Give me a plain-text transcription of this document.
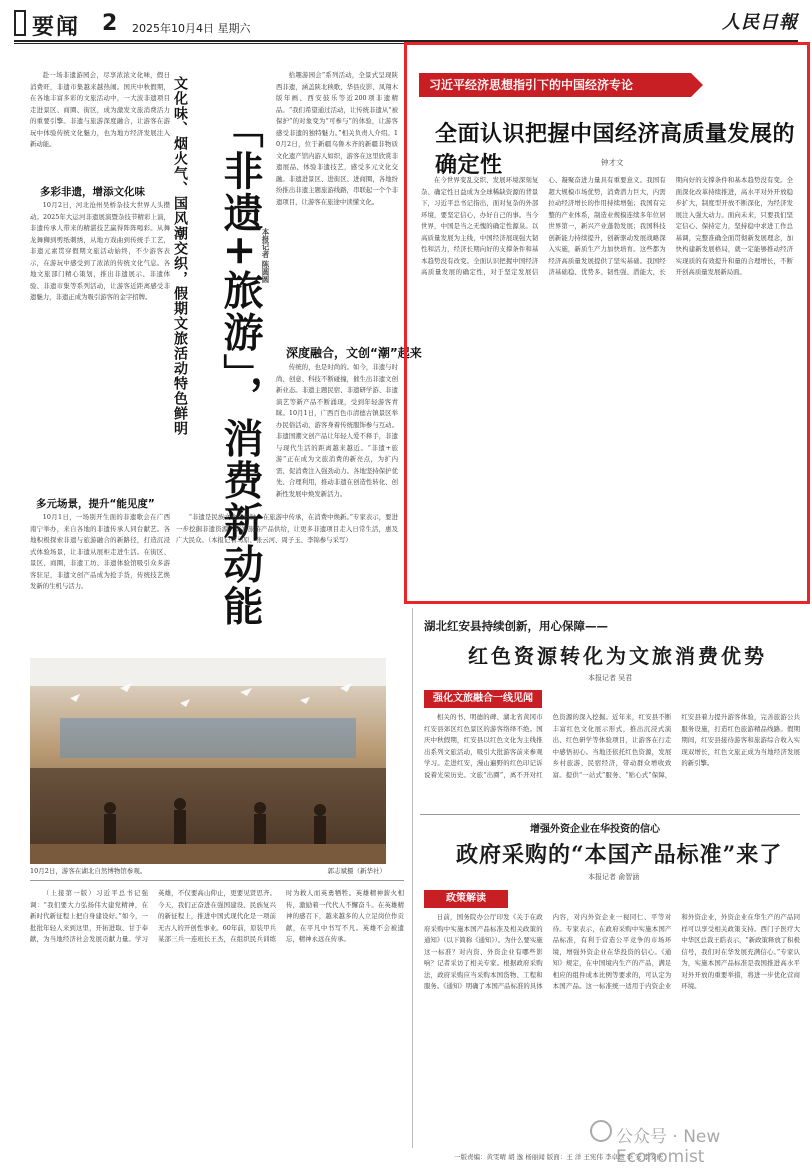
要闻 2 2025年10月4日 星期六	人民日報

赴一场非遗游园会，尽享浓浓文化味，假日消费旺，非遗市集越来越热闹。国庆中秋假期，在各地丰富多彩的文旅活动中，一大波非遗项目走进景区、商圈、街区，成为激发文旅消费活力的重要引擎。非遗与旅游深度融合，让游客在游玩中体验传统文化魅力，也为地方经济发展注入新动能。

多彩非遗，增添文化味

10月2日，河北沧州吴桥杂技大世界人头攒动。2025年大运河非遗展演暨杂技节精彩上演，非遗传承人带来的精湛技艺赢得阵阵喝彩。从舞龙舞狮到剪纸刺绣，从地方戏曲到传统手工艺，非遗元素贯穿假期文旅活动始终，不少游客表示，在游玩中感受到了浓浓的传统文化气息。各地文旅部门精心策划，推出非遗展示、非遗体验、非遗市集等系列活动，让游客近距离感受非遗魅力，非遗正成为吸引游客的金字招牌。

多元场景，提升“能见度”

10月1日，一场别开生面的非遗歌会在广西南宁举办，来自各地的非遗传承人同台献艺。各地积极探索非遗与旅游融合的新路径，打造沉浸式体验场景，让非遗从展柜走进生活。在街区、景区、商圈，非遗工坊、非遗体验馆吸引众多游客驻足，非遗文创产品成为抢手货，传统技艺焕发新的生机与活力。

文化味、烟火气、国风潮交织，假期文旅活动特色鲜明 「非遗+旅游」，消费新动能
本报记者 陈圆圆

拾趣游园会”系列活动，全景式呈现陕西非遗，涵盖陕北秧歌、华县皮影、凤翔木版年画、西安鼓乐等近200项非遗精品。“我们希望通过活动，让传统非遗从“被保护”的对象变为“可参与”的体验，让游客感受非遗的独特魅力。”相关负责人介绍。10月2日，位于新疆乌鲁木齐的新疆非物质文化遗产馆内游人如织，游客在这里欣赏非遗展品、体验非遗技艺，感受多元文化交融。非遗进景区、进街区、进商圈，各地纷纷推出非遗主题旅游线路，串联起一个个非遗项目，让游客在旅途中读懂文化。

深度融合，文创“潮”起来

传统的，也是时尚的。如今，非遗与时尚、创意、科技不断碰撞，催生出非遗文创新业态。非遗主题民宿、非遗研学游、非遗演艺等新产品不断涌现，受到年轻游客青睐。10月1日，广西百色市清德古镇景区举办民俗活动，游客身着传统服饰参与互动。非遗国潮文创产品让年轻人爱不释手，非遗与现代生活的距离越来越近。“非遗+旅游”正在成为文旅消费的新亮点，为扩内需、促消费注入强劲动力。各地坚持保护优先、合理利用，推动非遗在创造性转化、创新性发展中焕发新活力。

“非遗是民族文化的根脉，在旅游中传承，在消费中焕新。”专家表示，要进一步挖掘非遗资源，丰富旅游产品供给，让更多非遗项目走入日常生活，惠及广大民众。（本报记者马原、张云河、周子玉、李锦参与采写）

习近平经济思想指引下的中国经济专论
全面认识把握中国经济高质量发展的确定性	钟才文

在今世界变乱交织、发展环境深刻复杂、确定性日益成为全球稀缺资源的背景下，习近平总书记指出，面对复杂的外部环境，要坚定信心，办好自己的事。当今世界，中国是当之无愧的确定性源泉。以高质量发展为主线，中国经济展现强大韧性和活力，经济长期向好的支撑条件和基本趋势没有改变。全面认识把握中国经济高质量发展的确定性，对于坚定发展信心、凝聚奋进力量具有重要意义。我国有超大规模市场优势，消费潜力巨大，内需拉动经济增长的作用持续增强；我国有完整的产业体系，制造业规模连续多年位居世界第一，新兴产业蓬勃发展；我国科技创新能力持续提升，创新驱动发展战略深入实施，新质生产力加快培育。这些都为经济高质量发展提供了坚实基础。我国经济基础稳、优势多、韧性强、潜能大，长期向好的支撑条件和基本趋势没有变。全面深化改革持续推进，高水平对外开放稳步扩大，制度型开放不断深化，为经济发展注入强大动力。面向未来，只要我们坚定信心、保持定力，坚持稳中求进工作总基调，完整准确全面贯彻新发展理念，加快构建新发展格局，就一定能够推动经济实现质的有效提升和量的合理增长，不断开创高质量发展新局面。

湖北红安县持续创新，用心保障——
红色资源转化为文旅消费优势
本报记者 吴君
强化文旅融合一线见闻

相关的书、明德的碑、湖北省黄冈市红安县郊区红色景区的游客络绎不绝。国庆中秋假期，红安县以红色文化为主线推出系列文旅活动，吸引大批游客前来参观学习。走进红安，漫山遍野的红色印记诉说着光荣历史。文旅“出圈”，离不开对红色资源的深入挖掘。近年来，红安县不断丰富红色文化展示形式，推出沉浸式演出、红色研学等体验项目，让游客在行走中感悟初心。当地还依托红色资源，发展乡村旅游、民宿经济，带动群众增收致富。提供“一站式”服务、“贴心式”保障，红安县着力提升游客体验，完善旅游公共服务设施，打造红色旅游精品线路。假期期间，红安县接待游客和旅游综合收入实现双增长，红色文旅正成为当地经济发展的新引擎。

10月2日，游客在湖北自然博物馆参观。	郭志斌摄（新华社）

（上接第一版）习近平总书记强调：“我们要大力弘扬伟大建党精神，在新时代新征程上把自身建设好。”如今，一批批年轻人来到这里，开拓进取、甘于奉献，为当地经济社会发展贡献力量。学习英雄，不仅要高山仰止，更要见贤思齐。今天，我们正奋进在强国建设、民族复兴的新征程上，推进中国式现代化是一项前无古人的开创性事业。60年前，原装甲兵某部三兵一连班长王杰，在组织民兵训练时为救人而英勇牺牲。英雄精神薪火相传，激励着一代代人不懈奋斗。在英雄精神的感召下，越来越多的人立足岗位作贡献，在平凡中书写不凡。英雄不会被遗忘，精神永远在传承。

增强外资企业在华投资的信心
政府采购的“本国产品标准”来了
本报记者 俞智涵
政策解读

日前，国务院办公厅印发《关于在政府采购中实施本国产品标准及相关政策的通知》（以下简称《通知》）。为什么要实施这一标准？对内资、外资企业有哪些影响？记者采访了相关专家。根据政府采购法，政府采购应当采购本国货物、工程和服务。《通知》明确了本国产品标准的具体内容，对内外资企业一视同仁、平等对待。专家表示，在政府采购中实施本国产品标准，有利于营造公平竞争的市场环境，增强外资企业在华投资的信心。《通知》规定，在中国境内生产的产品，满足相应的组件成本比例等要求的，可认定为本国产品。这一标准统一适用于内资企业和外资企业，外资企业在华生产的产品同样可以享受相关政策支持。西门子医疗大中华区总裁王皓表示，“新政策释放了积极信号，我们对在华发展充满信心。”专家认为，实施本国产品标准是我国推进高水平对外开放的重要举措，将进一步优化营商环境。

一版责编：黄雯晴 胡 逸 杨丽闻 版面：王 洋 王宪伟 李卓燃 李 安 李安庆
公众号 · New Economist
